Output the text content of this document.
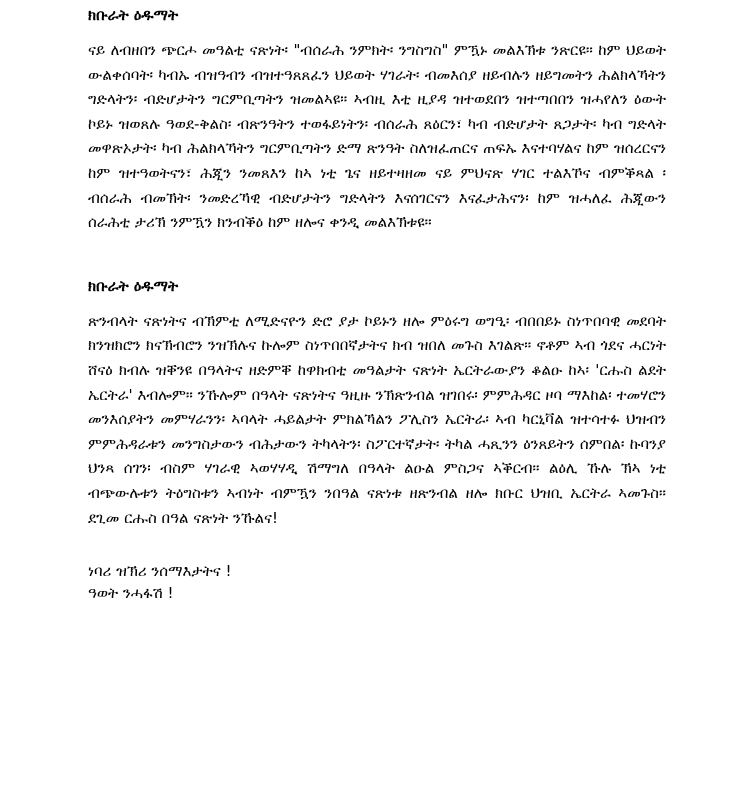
ክቡራት ዕዱማት
ናይ ለብዘበን ጭርሖ መዓልቲ ናጽነት፡ "ብሰራሕ ንምክት፡ ንግስግስ" ምዃኑ መልእኽቱ ንጽርዩ። ከም ህይወት ውልቀሰባት፡ ካብኡ ብዝዓብን ብዝተዓጸጸፈን ህይወት ሃገራት፡ ብመእሰያ ዘይብሉን ዘይግመትን ሕልክላኻትን ግድላትን፡ ብድሆታትን ግርምቢጣትን ዝመልኣዩ። ኣብዚ እቲ ዚያዳ ዝተወደበን ዝተጣበበን ዝሓየለን ዕውት ኮይኑ ዝወጸሉ ዓወደ-ቅልስ፡ ብጽንዓትን ተወፋይነትን፡ ብሰራሕ ጸዕርን፣ ካብ ብድሆታት ጸጋታት፡ ካብ ግድላት መዋጽኦታት፡ ካብ ሕልክላኻትን ግርምቢጣትን ድማ ጽንዓት ስለዝፈጠርና ጠፍኡ እናተባሃልና ከም ዝሰረርናን ከም ዝተዓወትናን፣ ሕጂን ንመጸእን ከኣ ነቲ ጌና ዘይተዛዘመ ናይ ምህናጽ ሃገር ተልእኾና ብምቕጻል ፡ ብሰራሕ ብመኽት፡ ንመድረኻዊ ብድሆታትን ግድላትን እናሰገርናን እናፈታሕናን፡ ከም ዝሓለፈ ሕጂውን ሰራሕቲ ታሪኽ ንምዃን ክንብቕዕ ከም ዘሎና ቀንዲ መልእኽቱዩ።
ክቡራት ዕዱማት
ጽንብላት ናጽነትና ብኽምቲ ለሚድናዮን ድሮ ያታ ኮይኑን ዘሎ ምዕሩግ ወግዒ፡ ብበበይኑ ስነጥበባዊ መደባት ክንዝክሮን ክናኽብሮን ንዝኽሉና ኩሎም ስነጥበበኛታትና ክብ ዝበለ መጉስ እገልጽ። ኖቶም ኣብ ጎደና ሓርነት ሸናዕ ክብሉ ዝቐንዩ በዓላትና ዘድምቐ ከዋክብቲ መዓልታት ናጽነት ኤርትራውያን ቆልዑ ከኣ፡ 'ርሑስ ልደት ኤርትራ' እብሎም። ንኹሎም በዓላት ናጽነትና ዓዚዙ ንኽጽንብል ዝገበሩ፡ ምምሕዳር ዞባ ማእከል፡ ተመሃሮን መንእሰያትን መምሃራንን፡ ኣባላት ሓይልታት ምክልኻልን ፖሊስን ኤርትራ፡ ኣብ ካርኒቫል ዝተሳተፉ ህዝብን ምምሕዳራቱን መንግስታውን ብሕታውን ትካላትን፡ ስፖርተኛታት፡ ትካል ሓጺንን ዕንጸይትን ሰምበል፡ ኩባንያ ህንጻ ሰገን፡ ብስም ሃገራዊ ኣወሃሃዲ ሽማግለ በዓላት ልዑል ምስጋና ኣቕርብ። ልዕሊ ኹሉ ኽኣ ነቲ ብጭውሉቱን ትዕግስቱን ኣብነት ብምዃን ንበዓል ናጽነቱ ዘጽንብል ዘሎ ክቡር ህዝቢ ኤርትራ ኣመጉስ። ደጊመ ርሑስ በዓል ናጽነት ንኹልና!
ነባሪ ዝኽሪ ንሰማእታትና !
ዓወት ንሓፋሽ !
